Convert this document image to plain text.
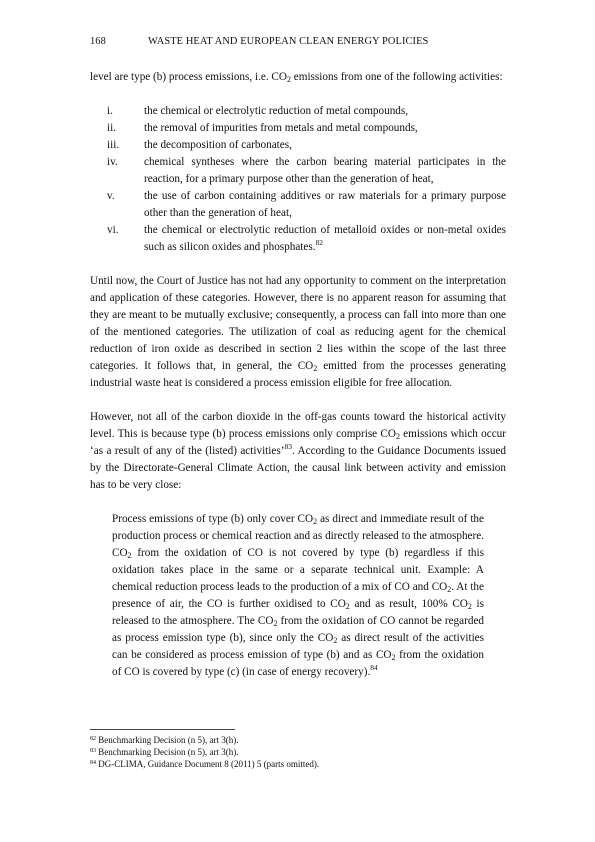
168	WASTE HEAT AND EUROPEAN CLEAN ENERGY POLICIES

level are type (b) process emissions, i.e. $CO_2$ emissions from one of the following activities:

i.	the chemical or electrolytic reduction of metal compounds,
ii. the removal of impurities from metals and metal compounds,
iii. the decomposition of carbonates,
iv. chemical syntheses where the carbon bearing material participates in the reaction, for a primary purpose other than the generation of heat,
v.	the use of carbon containing additives or raw materials for a primary purpose other than the generation of heat,
vi. the chemical or electrolytic reduction of metalloid oxides or non-metal oxides such as silicon oxides and phosphates.$^{82}$

Until now, the Court of Justice has not had any opportunity to comment on the interpretation and application of these categories. However, there is no apparent reason for assuming that they are meant to be mutually exclusive; consequently, a process can fall into more than one of the mentioned categories. The utilization of coal as reducing agent for the chemical reduction of iron oxide as described in section 2 lies within the scope of the last three categories. It follows that, in general, the $CO_2$ emitted from the processes generating industrial waste heat is considered a process emission eligible for free allocation.

However, not all of the carbon dioxide in the off-gas counts toward the historical activity level. This is because type (b) process emissions only comprise $CO_2$ emissions which occur ‘as a result of any of the (listed) activities’$^{83}$. According to the Guidance Documents issued by the Directorate-General Climate Action, the causal link between activity and emission has to be very close:

Process emissions of type (b) only cover $CO_2$ as direct and immediate result of the production process or chemical reaction and as directly released to the atmosphere. $CO_2$ from the oxidation of CO is not covered by type (b) regardless if this oxidation takes place in the same or a separate technical unit. Example: A chemical reduction process leads to the production of a mix of CO and $CO_2$. At the presence of air, the CO is further oxidised to $CO_2$ and as result, 100% $CO_2$ is released to the atmosphere. The $CO_2$ from the oxidation of CO cannot be regarded as process emission type (b), since only the $CO_2$ as direct result of the activities can be considered as process emission of type (b) and as $CO_2$ from the oxidation of CO is covered by type (c) (in case of energy recovery).$^{84}$

$^{82}$ Benchmarking Decision (n 5), art 3(h).
$^{83}$ Benchmarking Decision (n 5), art 3(h).
$^{84}$ DG-CLIMA, Guidance Document 8 (2011) 5 (parts omitted).
